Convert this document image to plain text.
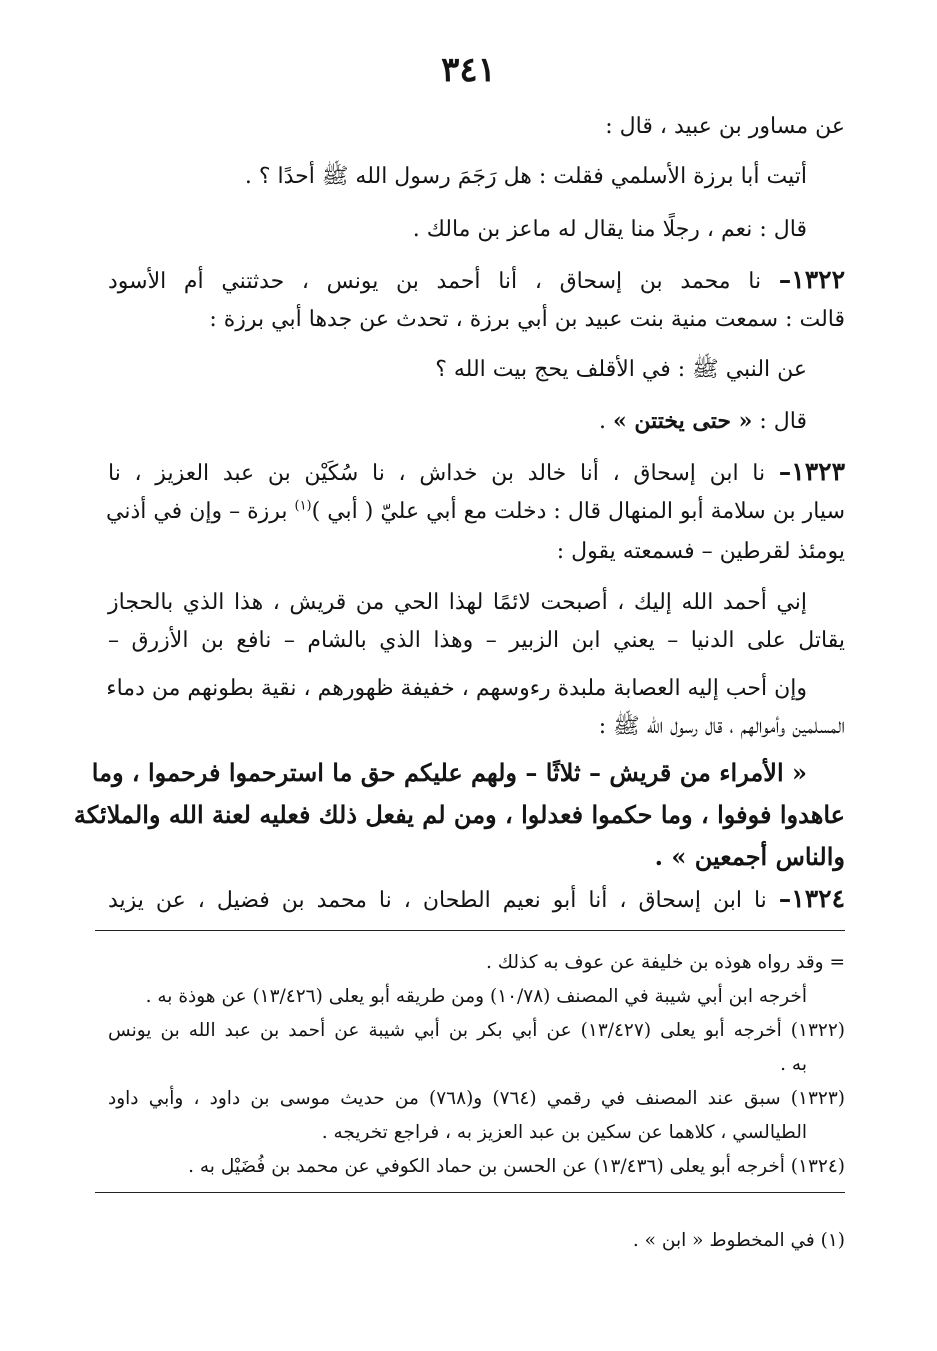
٣٤١
عن مساور بن عبيد ، قال :
أتيت أبا برزة الأسلمي فقلت : هل رَجَمَ رسول الله ﷺ أحدًا ؟ .
قال : نعم ، رجلًا منا يقال له ماعز بن مالك .
١٣٢٢– نا محمد بن إسحاق ، أنا أحمد بن يونس ، حدثتني أم الأسود
قالت : سمعت منية بنت عبيد بن أبي برزة ، تحدث عن جدها أبي برزة :
عن النبي ﷺ : في الأقلف يحج بيت الله ؟
قال : « حتى يختتن » .
١٣٢٣– نا ابن إسحاق ، أنا خالد بن خداش ، نا سُكَيْن بن عبد العزيز ، نا
سيار بن سلامة أبو المنهال قال : دخلت مع أبي عليّ ( أبي )$^{(١)}$ برزة – وإن في أذني
يومئذ لقرطين – فسمعته يقول :
إني أحمد الله إليك ، أصبحت لائمًا لهذا الحي من قريش ، هذا الذي بالحجاز
يقاتل على الدنيا – يعني ابن الزبير – وهذا الذي بالشام – نافع بن الأزرق –
وإن أحب إليه العصابة ملبدة رءوسهم ، خفيفة ظهورهم ، نقية بطونهم من دماء
المسلمين وأموالهم ، قال رسول الله ﷺ :
« الأمراء من قريش – ثلاثًا – ولهم عليكم حق ما استرحموا فرحموا ، وما
عاهدوا فوفوا ، وما حكموا فعدلوا ، ومن لم يفعل ذلك فعليه لعنة الله والملائكة
والناس أجمعين » .
١٣٢٤– نا ابن إسحاق ، أنا أبو نعيم الطحان ، نا محمد بن فضيل ، عن يزيد
= وقد رواه هوذه بن خليفة عن عوف به كذلك .
أخرجه ابن أبي شيبة في المصنف (١٠/٧٨) ومن طريقه أبو يعلى (١٣/٤٢٦) عن هوذة به .
(١٣٢٢) أخرجه أبو يعلى (١٣/٤٢٧) عن أبي بكر بن أبي شيبة عن أحمد بن عبد الله بن يونس
به .
(١٣٢٣) سبق عند المصنف في رقمي (٧٦٤) و(٧٦٨) من حديث موسى بن داود ، وأبي داود
الطيالسي ، كلاهما عن سكين بن عبد العزيز به ، فراجع تخريجه .
(١٣٢٤) أخرجه أبو يعلى (١٣/٤٣٦) عن الحسن بن حماد الكوفي عن محمد بن فُضَيْل به .
(١) في المخطوط « ابن » .
